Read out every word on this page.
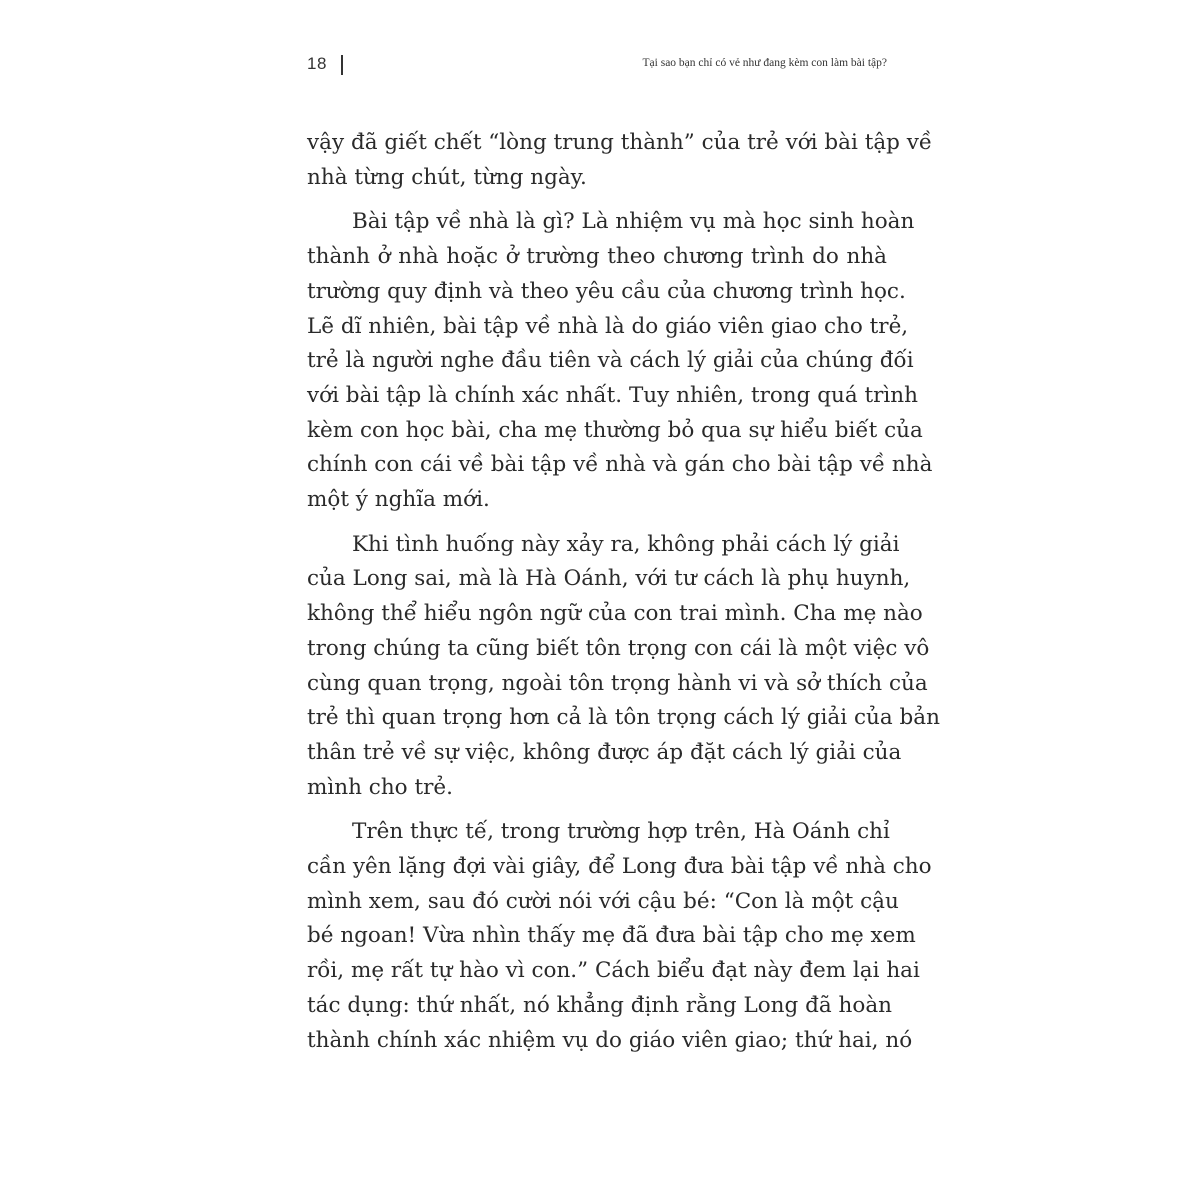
18	Tại sao bạn chỉ có vẻ như đang kèm con làm bài tập?
vậy đã giết chết “lòng trung thành” của trẻ với bài tập về
nhà từng chút, từng ngày.
Bài tập về nhà là gì? Là nhiệm vụ mà học sinh hoàn
thành ở nhà hoặc ở trường theo chương trình do nhà
trường quy định và theo yêu cầu của chương trình học.
Lẽ dĩ nhiên, bài tập về nhà là do giáo viên giao cho trẻ,
trẻ là người nghe đầu tiên và cách lý giải của chúng đối
với bài tập là chính xác nhất. Tuy nhiên, trong quá trình
kèm con học bài, cha mẹ thường bỏ qua sự hiểu biết của
chính con cái về bài tập về nhà và gán cho bài tập về nhà
một ý nghĩa mới.
Khi tình huống này xảy ra, không phải cách lý giải
của Long sai, mà là Hà Oánh, với tư cách là phụ huynh,
không thể hiểu ngôn ngữ của con trai mình. Cha mẹ nào
trong chúng ta cũng biết tôn trọng con cái là một việc vô
cùng quan trọng, ngoài tôn trọng hành vi và sở thích của
trẻ thì quan trọng hơn cả là tôn trọng cách lý giải của bản
thân trẻ về sự việc, không được áp đặt cách lý giải của
mình cho trẻ.
Trên thực tế, trong trường hợp trên, Hà Oánh chỉ
cần yên lặng đợi vài giây, để Long đưa bài tập về nhà cho
mình xem, sau đó cười nói với cậu bé: “Con là một cậu
bé ngoan! Vừa nhìn thấy mẹ đã đưa bài tập cho mẹ xem
rồi, mẹ rất tự hào vì con.” Cách biểu đạt này đem lại hai
tác dụng: thứ nhất, nó khẳng định rằng Long đã hoàn
thành chính xác nhiệm vụ do giáo viên giao; thứ hai, nó
